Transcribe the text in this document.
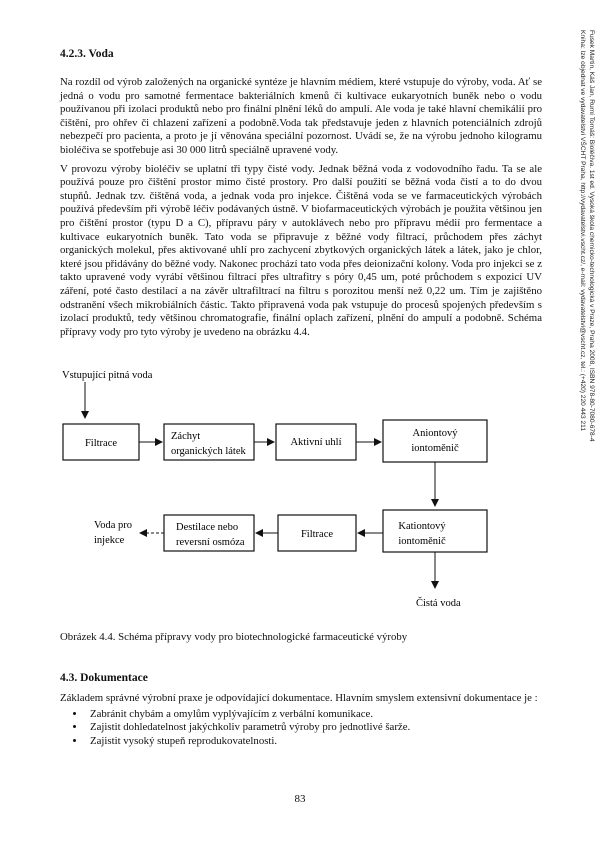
4.2.3. Voda

Na rozdíl od výrob založených na organické syntéze je hlavním médiem, které vstupuje do výroby, voda. Ať se jedná o vodu pro samotné fermentace bakteriálních kmenů či kultivace eukaryotních buněk nebo o vodu používanou při izolaci produktů nebo pro finální plnění léků do ampulí. Ale voda je také hlavní chemikálií pro čištění, pro ohřev či chlazení zařízení a podobně.Voda tak představuje jeden z hlavních potenciálních zdrojů nebezpečí pro pacienta, a proto je jí věnována speciální pozornost. Uvádí se, že na výrobu jednoho kilogramu bioléčiva se spotřebuje asi 30 000 litrů speciálně upravené vody.

V provozu výroby bioléčiv se uplatní tři typy čisté vody. Jednak běžná voda z vodovodního řadu. Ta se ale používá pouze pro čištění prostor mimo čisté prostory. Pro další použití se běžná voda čistí a to do dvou stupňů. Jednak tzv. čištěná voda, a jednak voda pro injekce. Čištěná voda se ve farmaceutických výrobách používá především při výrobě léčiv podávaných ústně. V biofarmaceutických výrobách je použita většinou jen pro čištění prostor (typu D a C), přípravu páry v autoklávech nebo pro přípravu médií pro fermentace a kultivace eukaryotních buněk. Tato voda se připravuje z běžné vody filtrací, průchodem přes záchyt organických molekul, přes aktivované uhlí pro zachycení zbytkových organických látek a látek, jako je chlor, které jsou přidávány do běžné vody. Nakonec prochází tato voda přes deionizační kolony. Voda pro injekci se z takto upravené vody vyrábí většinou filtrací přes ultrafitry s póry 0,45 um, poté průchodem s expozicí UV záření, poté často destilací a na závěr ultrafiltrací na filtru s porozitou menší než 0,22 um. Tím je zajištěno odstranění všech mikrobiálních částic. Takto připravená voda pak vstupuje do procesů spojených především s izolací produktů, tedy většinou chromatografie, finální oplach zařízení, plnění do ampulí a podobně. Schéma přípravy vody pro tyto výroby je uvedeno na obrázku 4.4.	Fusek Martin, Káš Jan, Rumí Tomáš: Bioléčiva. 1st ed. Vysoká škola chemicko-technologická v Praze, Praha 2008, ISBN 978-80-7080-678-4
Kniha: Ize objednat ve vydavatelství VŠCHT Praha, http://vydavatelstvi.vscht.cz/, e-mail: vydavatelstvi@vscht.cz, tel.: (+420) 220 443 211
Vstupující pitná voda
Filtrace
Záchyt
organických látek
Aktivní uhlí
Aniontový
iontoměnič
Kationtový
iontoměnič
Filtrace
Destilace nebo
reversní osmóza
Voda pro
injekce
Čistá voda
Obrázek 4.4. Schéma přípravy vody pro biotechnologické farmaceutické výroby
4.3. Dokumentace

Základem správné výrobní praxe je odpovídající dokumentace. Hlavním smyslem extensivní dokumentace je :

• Zabránit chybám a omylům vyplývajícím z verbální komunikace.
• Zajistit dohledatelnost jakýchkoliv parametrů výroby pro jednotlivé šarže.
• Zajistit vysoký stupeň reprodukovatelnosti.
83
